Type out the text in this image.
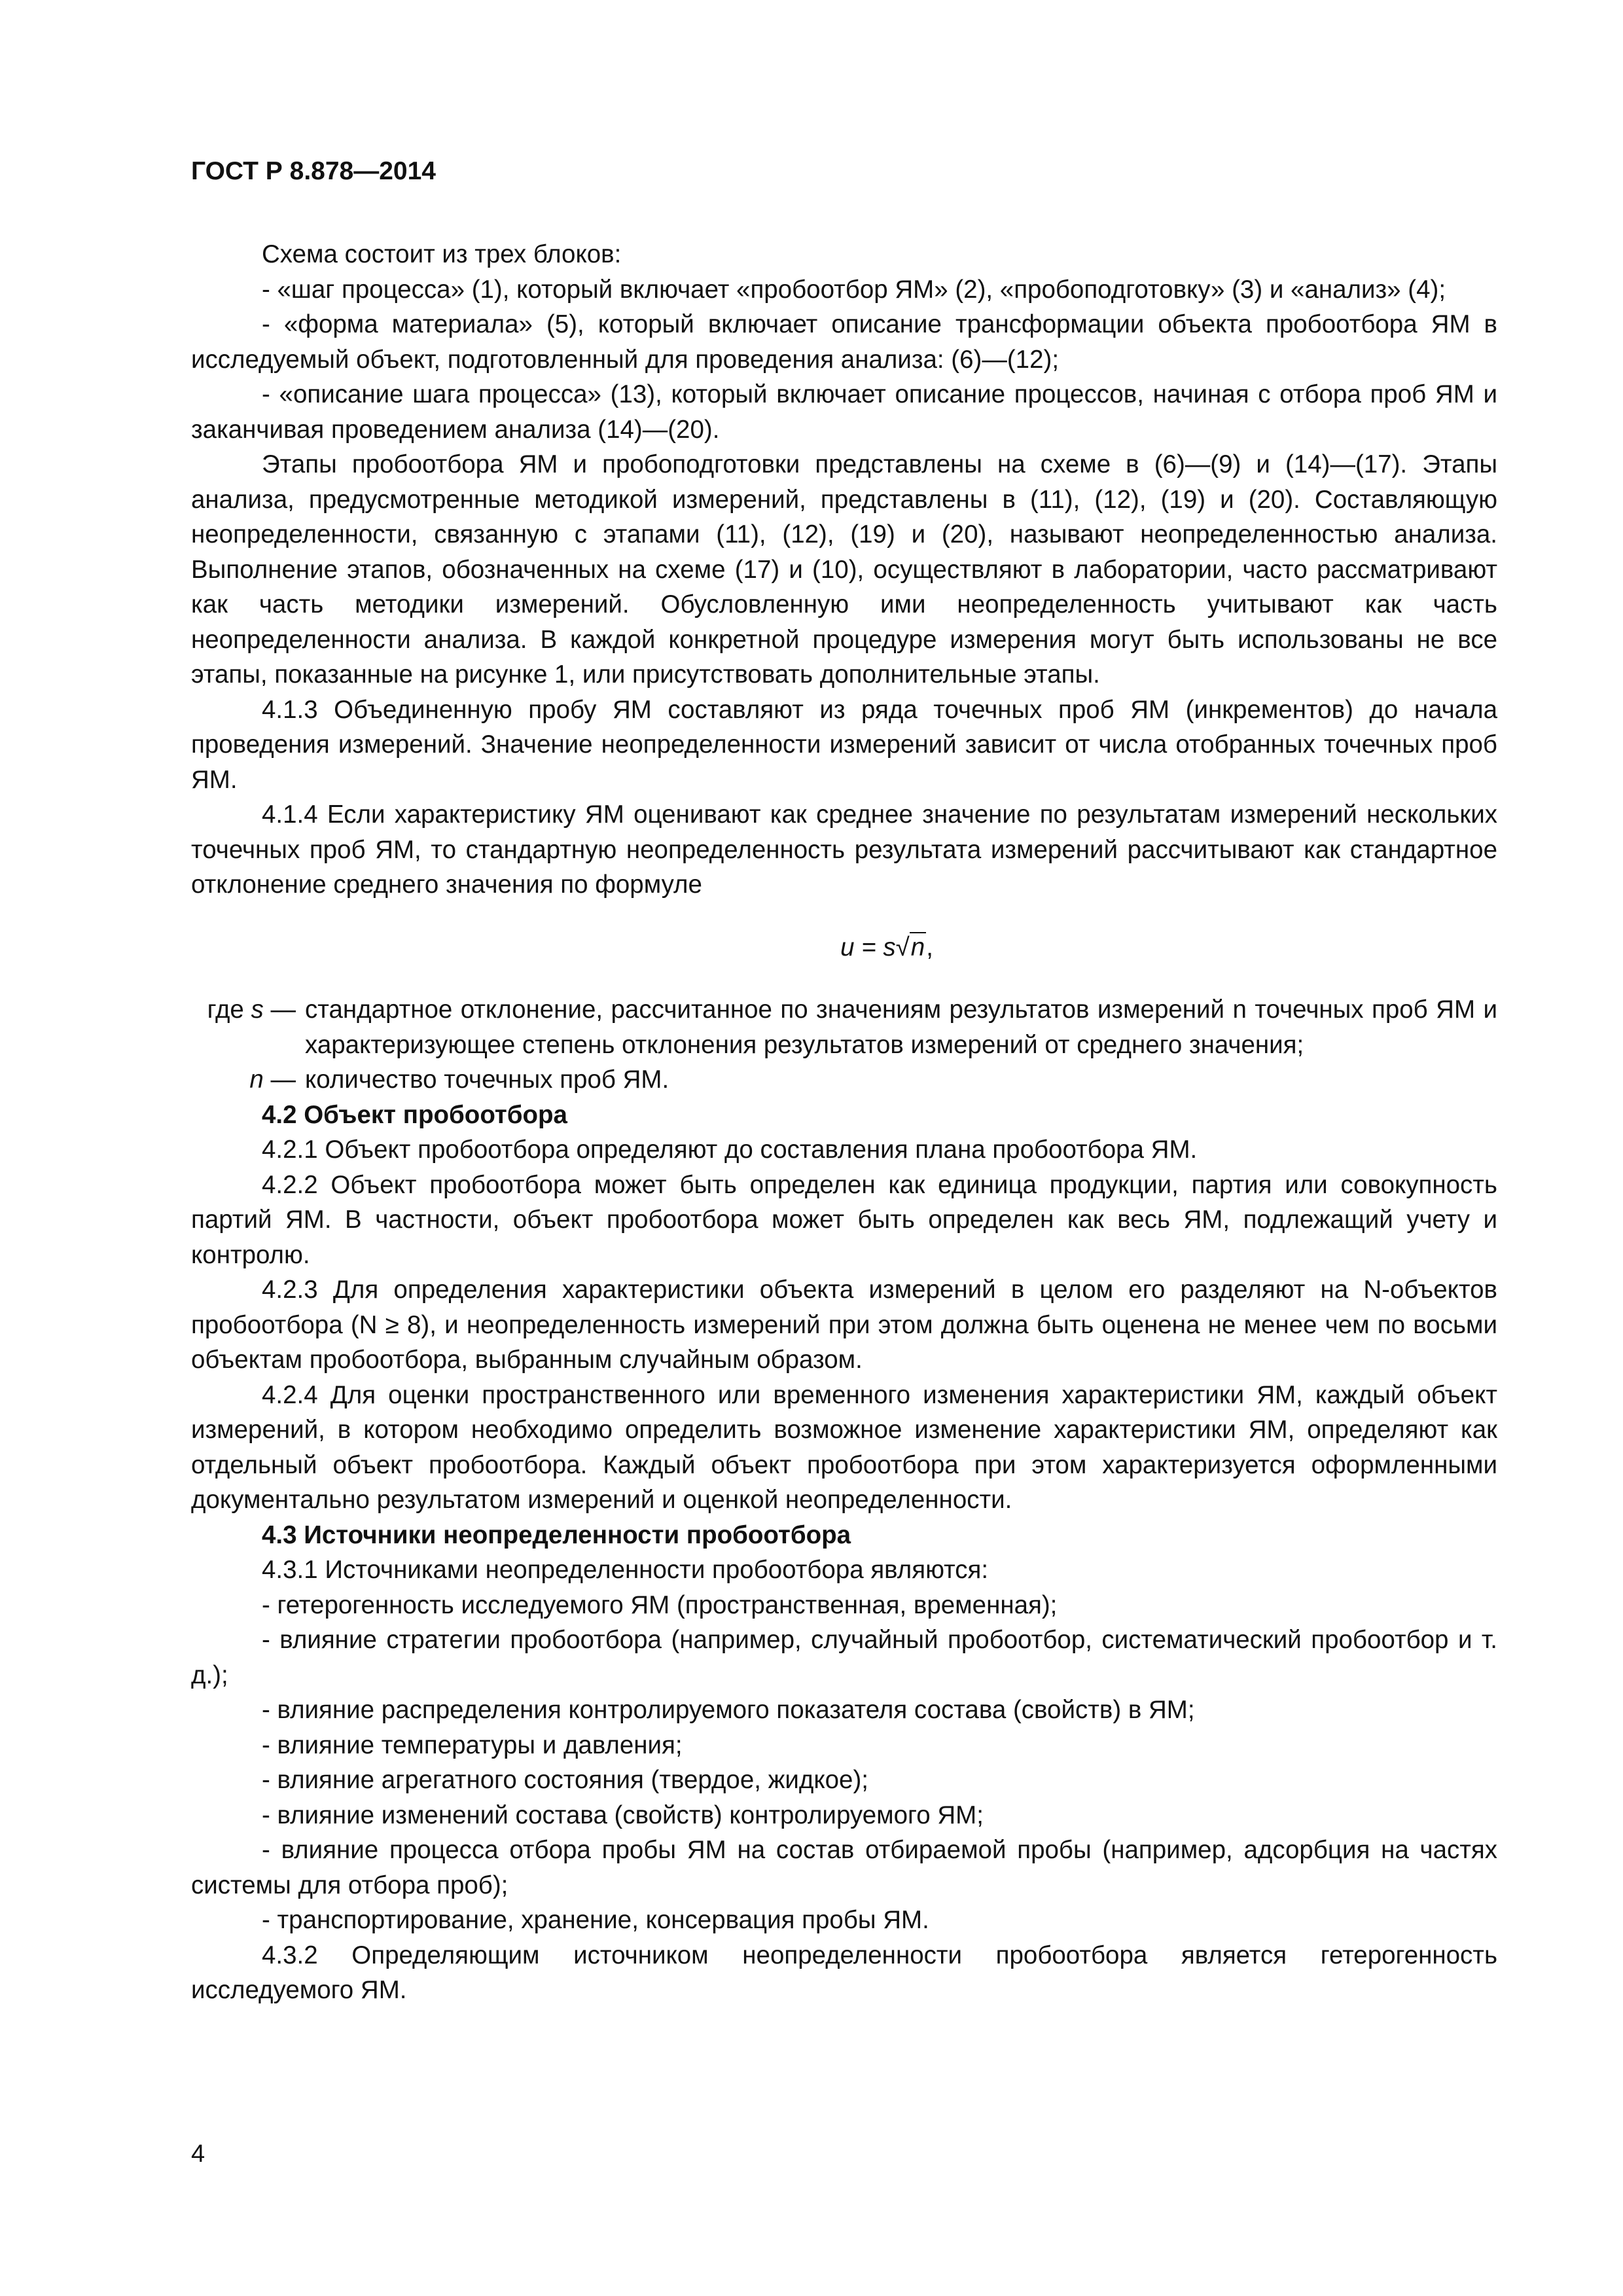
ГОСТ Р 8.878—2014

Схема состоит из трех блоков:

- «шаг процесса» (1), который включает «пробоотбор ЯМ» (2), «пробоподготовку» (3) и «анализ» (4);

- «форма материала» (5), который включает описание трансформации объекта пробоотбора ЯМ в исследуемый объект, подготовленный для проведения анализа: (6)—(12);

- «описание шага процесса» (13), который включает описание процессов, начиная с отбора проб ЯМ и заканчивая проведением анализа (14)—(20).

Этапы пробоотбора ЯМ и пробоподготовки представлены на схеме в (6)—(9) и (14)—(17). Этапы анализа, предусмотренные методикой измерений, представлены в (11), (12), (19) и (20). Составляющую неопределенности, связанную с этапами (11), (12), (19) и (20), называют неопределенностью анализа. Выполнение этапов, обозначенных на схеме (17) и (10), осуществляют в лаборатории, часто рассматривают как часть методики измерений. Обусловленную ими неопределенность учитывают как часть неопределенности анализа. В каждой конкретной процедуре измерения могут быть использованы не все этапы, показанные на рисунке 1, или присутствовать дополнительные этапы.

4.1.3 Объединенную пробу ЯМ составляют из ряда точечных проб ЯМ (инкрементов) до начала проведения измерений. Значение неопределенности измерений зависит от числа отобранных точечных проб ЯМ.

4.1.4 Если характеристику ЯМ оценивают как среднее значение по результатам измерений нескольких точечных проб ЯМ, то стандартную неопределенность результата измерений рассчитывают как стандартное отклонение среднего значения по формуле

u = s√n,
где s — стандартное отклонение, рассчитанное по значениям результатов измерений n точечных проб ЯМ и характеризующее степень отклонения результатов измерений от среднего значения;
n — количество точечных проб ЯМ.

4.2 Объект пробоотбора

4.2.1 Объект пробоотбора определяют до составления плана пробоотбора ЯМ.

4.2.2 Объект пробоотбора может быть определен как единица продукции, партия или совокупность партий ЯМ. В частности, объект пробоотбора может быть определен как весь ЯМ, подлежащий учету и контролю.

4.2.3 Для определения характеристики объекта измерений в целом его разделяют на N-объектов пробоотбора (N ≥ 8), и неопределенность измерений при этом должна быть оценена не менее чем по восьми объектам пробоотбора, выбранным случайным образом.

4.2.4 Для оценки пространственного или временного изменения характеристики ЯМ, каждый объект измерений, в котором необходимо определить возможное изменение характеристики ЯМ, определяют как отдельный объект пробоотбора. Каждый объект пробоотбора при этом характеризуется оформленными документально результатом измерений и оценкой неопределенности.

4.3 Источники неопределенности пробоотбора

4.3.1 Источниками неопределенности пробоотбора являются:

- гетерогенность исследуемого ЯМ (пространственная, временная);

- влияние стратегии пробоотбора (например, случайный пробоотбор, систематический пробоотбор и т. д.);

- влияние распределения контролируемого показателя состава (свойств) в ЯМ;

- влияние температуры и давления;

- влияние агрегатного состояния (твердое, жидкое);

- влияние изменений состава (свойств) контролируемого ЯМ;

- влияние процесса отбора пробы ЯМ на состав отбираемой пробы (например, адсорбция на частях системы для отбора проб);

- транспортирование, хранение, консервация пробы ЯМ.

4.3.2 Определяющим источником неопределенности пробоотбора является гетерогенность исследуемого ЯМ.

4
